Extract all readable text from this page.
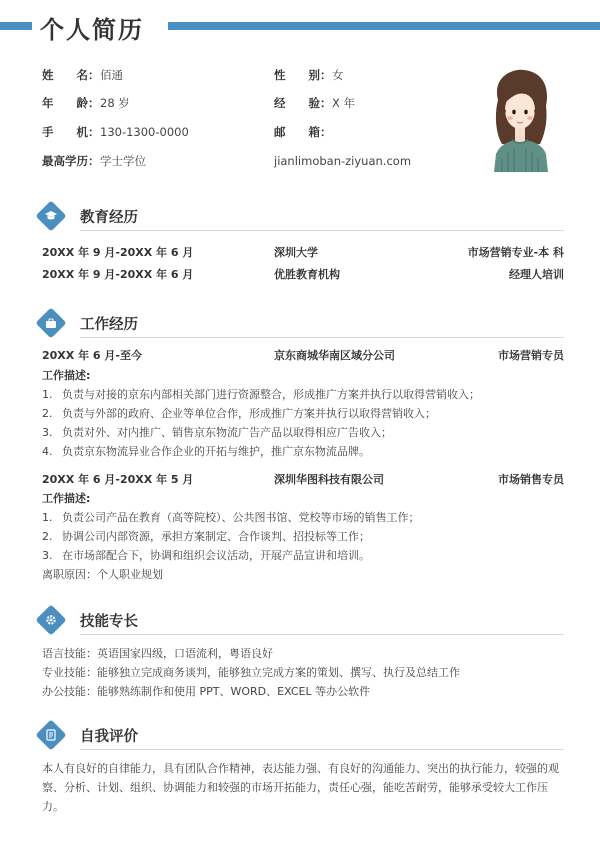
个人简历
姓　　名： 佰通	性　　别： 女
年　　龄： 28 岁	经　　验： X 年
手　　机： 130-1300-0000	邮　　箱：
最高学历： 学士学位	jianlimoban-ziyuan.com
教育经历
20XX 年 9 月-20XX 年 6 月	深圳大学	市场营销专业-本 科
20XX 年 9 月-20XX 年 6 月	优胜教育机构	经理人培训
工作经历
20XX 年 6 月-至今	京东商城华南区域分公司	市场营销专员
工作描述:
1. 负责与对接的京东内部相关部门进行资源整合，形成推广方案并执行以取得营销收入；
2. 负责与外部的政府、企业等单位合作，形成推广方案并执行以取得营销收入；
3. 负责对外、对内推广、销售京东物流广告产品以取得相应广告收入；
4. 负责京东物流异业合作企业的开拓与维护，推广京东物流品牌。
20XX 年 6 月-20XX 年 5 月	深圳华图科技有限公司	市场销售专员
工作描述:
1. 负责公司产品在教育（高等院校）、公共图书馆、党校等市场的销售工作；
2. 协调公司内部资源，承担方案制定、合作谈判、招投标等工作；
3. 在市场部配合下，协调和组织会议活动，开展产品宣讲和培训。
离职原因：个人职业规划
技能专长
语言技能：英语国家四级，口语流利，粤语良好
专业技能：能够独立完成商务谈判，能够独立完成方案的策划、撰写、执行及总结工作
办公技能：能够熟练制作和使用 PPT、WORD、EXCEL 等办公软件
自我评价
本人有良好的自律能力，具有团队合作精神，表达能力强、有良好的沟通能力、突出的执行能力，较强的观察、分析、计划、组织、协调能力和较强的市场开拓能力，责任心强，能吃苦耐劳，能够承受较大工作压力。
